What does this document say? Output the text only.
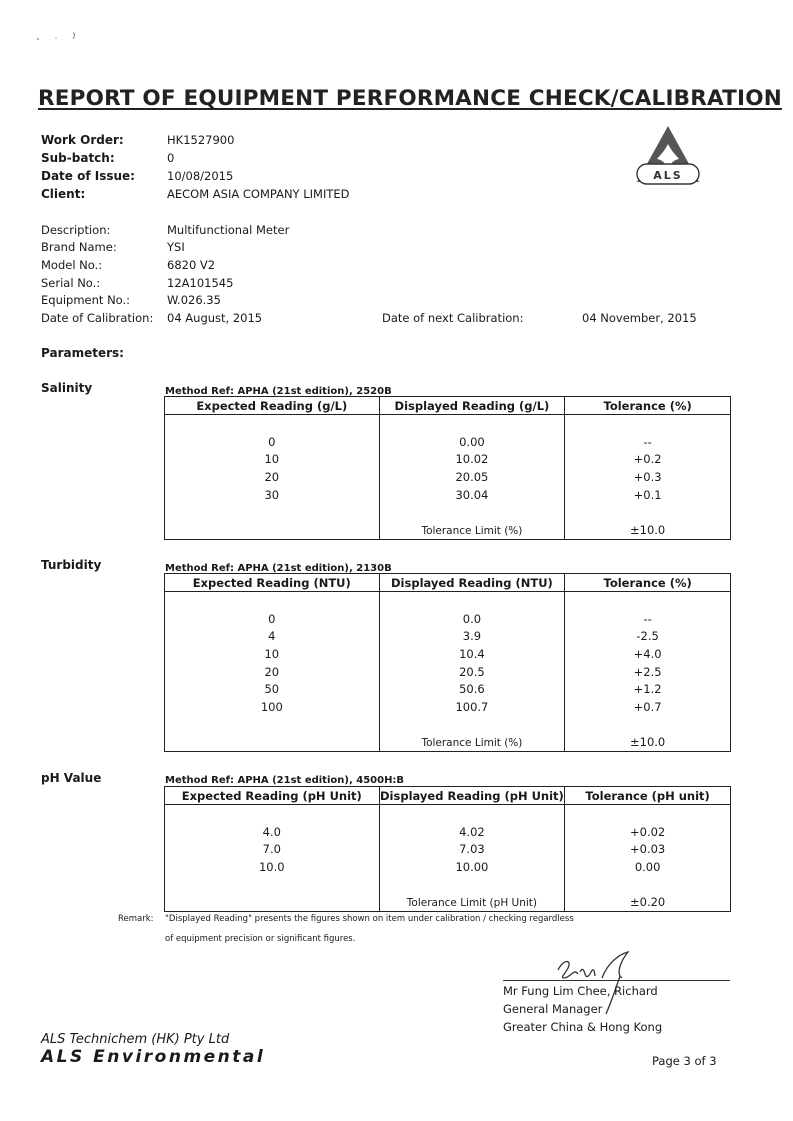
REPORT OF EQUIPMENT PERFORMANCE CHECK/CALIBRATION
Work Order:	HK1527900
Sub-batch:	0
Date of Issue:	10/08/2015
Client:	AECOM ASIA COMPANY LIMITED
ALS
Description:	Multifunctional Meter
Brand Name:	YSI
Model No.:	6820 V2
Serial No.:	12A101545
Equipment No.:	W.026.35
Date of Calibration: 04 August, 2015	Date of next Calibration:	04 November, 2015
Parameters:
Salinity	Method Ref: APHA (21st edition), 2520B
Expected Reading (g/L)	Displayed Reading (g/L)	Tolerance (%)

0	0.00	--
10	10.02	+0.2
20	20.05	+0.3
30	30.04	+0.1

	Tolerance Limit (%)	±10.0
Turbidity	Method Ref: APHA (21st edition), 2130B
Expected Reading (NTU)	Displayed Reading (NTU)	Tolerance (%)

0	0.0	--
4	3.9	-2.5
10	10.4	+4.0
20	20.5	+2.5
50	50.6	+1.2
100	100.7	+0.7

	Tolerance Limit (%)	±10.0
pH Value	Method Ref: APHA (21st edition), 4500H:B
Expected Reading (pH Unit)	Displayed Reading (pH Unit)	Tolerance (pH unit)

4.0	4.02	+0.02
7.0	7.03	+0.03
10.0	10.00	0.00

	Tolerance Limit (pH Unit)	±0.20
Remark: "Displayed Reading" presents the figures shown on item under calibration / checking regardless
of equipment precision or significant figures.
Mr Fung Lim Chee, Richard
General Manager
Greater China & Hong Kong
ALS Technichem (HK) Pty Ltd
ALS Environmental	Page 3 of 3
